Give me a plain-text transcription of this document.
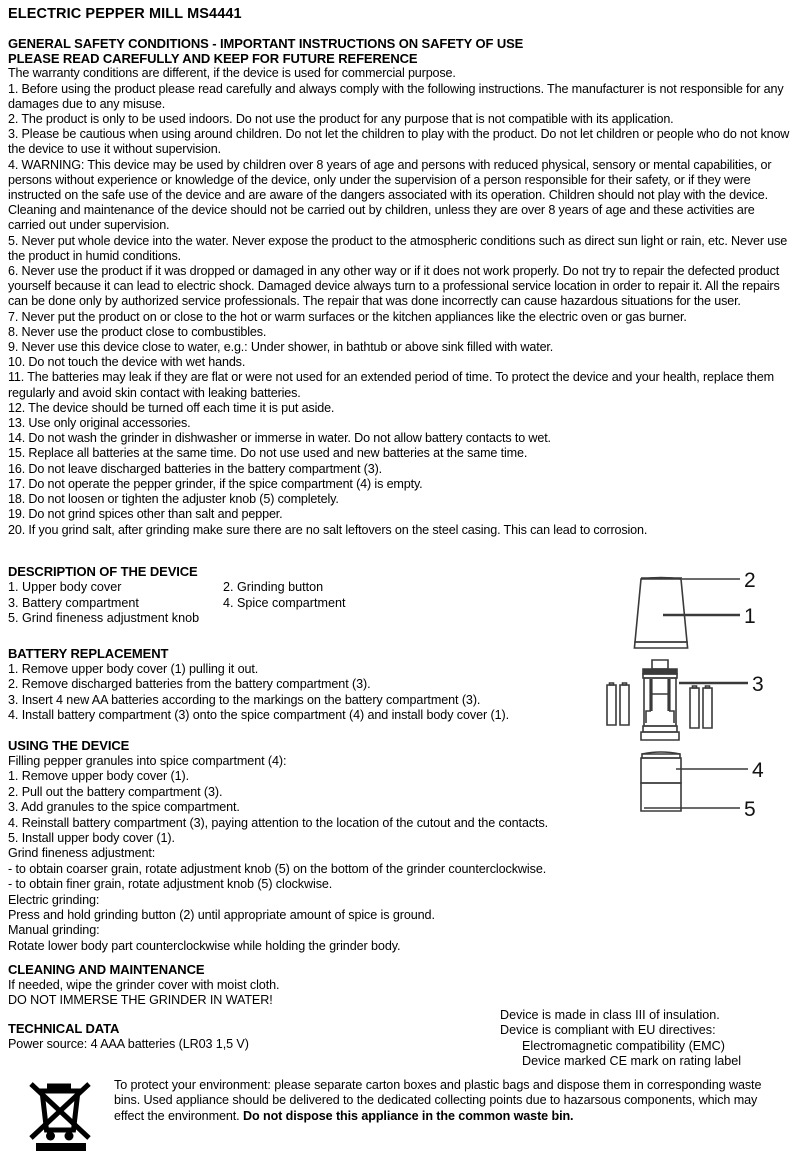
ELECTRIC PEPPER MILL MS4441
GENERAL SAFETY CONDITIONS - IMPORTANT INSTRUCTIONS ON SAFETY OF USE
PLEASE READ CAREFULLY AND KEEP FOR FUTURE REFERENCE
The warranty conditions are different, if the device is used for commercial purpose.
1. Before using the product please read carefully and always comply with the following instructions. The manufacturer is not responsible for any damages due to any misuse.
2. The product is only to be used indoors. Do not use the product for any purpose that is not compatible with its application.
3. Please be cautious when using around children. Do not let the children to play with the product. Do not let children or people who do not know the device to use it without supervision.
4. WARNING: This device may be used by children over 8 years of age and persons with reduced physical, sensory or mental capabilities, or persons without experience or knowledge of the device, only under the supervision of a person responsible for their safety, or if they were instructed on the safe use of the device and are aware of the dangers associated with its operation. Children should not play with the device. Cleaning and maintenance of the device should not be carried out by children, unless they are over 8 years of age and these activities are carried out under supervision.
5. Never put whole device into the water. Never expose the product to the atmospheric conditions such as direct sun light or rain, etc. Never use the product in humid conditions.
6. Never use the product if it was dropped or damaged in any other way or if it does not work properly. Do not try to repair the defected product yourself because it can lead to electric shock. Damaged device always turn to a professional service location in order to repair it. All the repairs can be done only by authorized service professionals. The repair that was done incorrectly can cause hazardous situations for the user.
7. Never put the product on or close to the hot or warm surfaces or the kitchen appliances like the electric oven or gas burner.
8. Never use the product close to combustibles.
9. Never use this device close to water, e.g.: Under shower, in bathtub or above sink filled with water.
10. Do not touch the device with wet hands.
11. The batteries may leak if they are flat or were not used for an extended period of time. To protect the device and your health, replace them regularly and avoid skin contact with leaking batteries.
12. The device should be turned off each time it is put aside.
13. Use only original accessories.
14. Do not wash the grinder in dishwasher or immerse in water. Do not allow battery contacts to wet.
15. Replace all batteries at the same time. Do not use used and new batteries at the same time.
16. Do not leave discharged batteries in the battery compartment (3).
17. Do not operate the pepper grinder, if the spice compartment (4) is empty.
18. Do not loosen or tighten the adjuster knob (5) completely.
19. Do not grind spices other than salt and pepper.
20. If you grind salt, after grinding make sure there are no salt leftovers on the steel casing. This can lead to corrosion.
DESCRIPTION OF THE DEVICE
1. Upper body cover	2. Grinding button
3. Battery compartment	4. Spice compartment
5. Grind fineness adjustment knob
BATTERY REPLACEMENT
1. Remove upper body cover (1) pulling it out.
2. Remove discharged batteries from the battery compartment (3).
3. Insert 4 new AA batteries according to the markings on the battery compartment (3).
4. Install battery compartment (3) onto the spice compartment (4) and install body cover (1).
USING THE DEVICE
Filling pepper granules into spice compartment (4):
1. Remove upper body cover (1).
2. Pull out the battery compartment (3).
3. Add granules to the spice compartment.
4. Reinstall battery compartment (3), paying attention to the location of the cutout and the contacts.
5. Install upper body cover (1).
Grind fineness adjustment:
- to obtain coarser grain, rotate adjustment knob (5) on the bottom of the grinder counterclockwise.
- to obtain finer grain, rotate adjustment knob (5) clockwise.
Electric grinding:
Press and hold grinding button (2) until appropriate amount of spice is ground.
Manual grinding:
Rotate lower body part counterclockwise while holding the grinder body.
CLEANING AND MAINTENANCE
If needed, wipe the grinder cover with moist cloth.
DO NOT IMMERSE THE GRINDER IN WATER!
TECHNICAL DATA
Power source: 4 AAA batteries (LR03 1,5 V)
Device is made in class III of insulation.
Device is compliant with EU directives:
Electromagnetic compatibility (EMC)
Device marked CE mark on rating label
To protect your environment: please separate carton boxes and plastic bags and dispose them in corresponding waste bins. Used appliance should be delivered to the dedicated collecting points due to hazarsous components, which may effect the environment. Do not dispose this appliance in the common waste bin.
2
1
3
4
5
